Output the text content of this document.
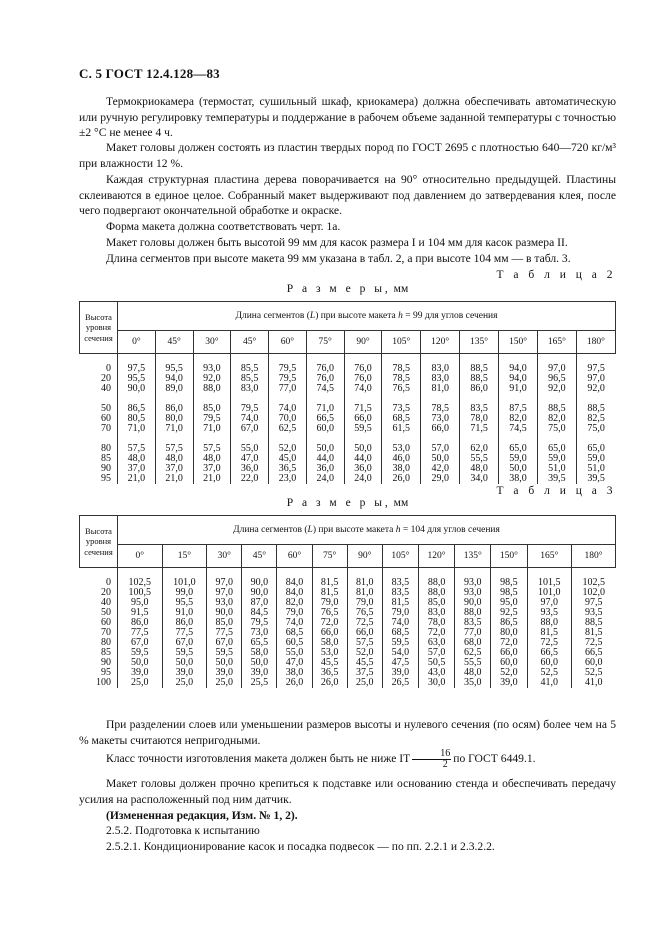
С. 5 ГОСТ 12.4.128—83
Термокриокамера (термостат, сушильный шкаф, криокамера) должна обеспечивать автоматическую или ручную регулировку температуры и поддержание в рабочем объеме заданной температуры с точностью ±2 °С не менее 4 ч.
Макет головы должен состоять из пластин твердых пород по ГОСТ 2695 с плотностью 640—720 кг/м³ при влажности 12 %.
Каждая структурная пластина дерева поворачивается на 90° относительно предыдущей. Пластины склеиваются в единое целое. Собранный макет выдерживают под давлением до затвердевания клея, после чего подвергают окончательной обработке и окраске.
Форма макета должна соответствовать черт. 1а.
Макет головы должен быть высотой 99 мм для касок размера I и 104 мм для касок размера II.
Длина сегментов при высоте макета 99 мм указана в табл. 2, а при высоте 104 мм — в табл. 3.
Т а б л и ц а 2
Р а з м е р ы, мм
Высота уровня сечения	Длина сегментов (L) при высоте макета h = 99 для углов сечения												
	0°	45°	30°	45°	60°	75°	90°	105°	120°	135°	150°	165°	180°

0	97,5	95,5	93,0	85,5	79,5	76,0	76,0	78,5	83,0	88,5	94,0	97,0	97,5
20	95,5	94,0	92,0	85,5	79,5	76,0	76,0	78,5	83,0	88,5	94,0	96,5	97,0
40	90,0	89,0	88,0	83,0	77,0	74,5	74,0	76,5	81,0	86,0	91,0	92,0	92,0

50	86,5	86,0	85,0	79,5	74,0	71,0	71,5	73,5	78,5	83,5	87,5	88,5	88,5
60	80,5	80,0	79,5	74,0	70,0	66,5	66,0	68,5	73,0	78,0	82,0	82,0	82,5
70	71,0	71,0	71,0	67,0	62,5	60,0	59,5	61,5	66,0	71,5	74,5	75,0	75,0

80	57,5	57,5	57,5	55,0	52,0	50,0	50,0	53,0	57,0	62,0	65,0	65,0	65,0
85	48,0	48,0	48,0	47,0	45,0	44,0	44,0	46,0	50,0	55,5	59,0	59,0	59,0
90	37,0	37,0	37,0	36,0	36,5	36,0	36,0	38,0	42,0	48,0	50,0	51,0	51,0
95	21,0	21,0	21,0	22,0	23,0	24,0	24,0	26,0	29,0	34,0	38,0	39,5	39,5
Т а б л и ц а 3
Р а з м е р ы, мм
Высота уровня сечения	Длина сегментов (L) при высоте макета h = 104 для углов сечения												
	0°	15°	30°	45°	60°	75°	90°	105°	120°	135°	150°	165°	180°

0	102,5	101,0	97,0	90,0	84,0	81,5	81,0	83,5	88,0	93,0	98,5	101,5	102,5
20	100,5	99,0	97,0	90,0	84,0	81,5	81,0	83,5	88,0	93,0	98,5	101,0	102,0
40	95,0	95,5	93,0	87,0	82,0	79,0	79,0	81,5	85,0	90,0	95,0	97,0	97,5
50	91,5	91,0	90,0	84,5	79,0	76,5	76,5	79,0	83,0	88,0	92,5	93,5	93,5
60	86,0	86,0	85,0	79,5	74,0	72,0	72,5	74,0	78,0	83,5	86,5	88,0	88,5
70	77,5	77,5	77,5	73,0	68,5	66,0	66,0	68,5	72,0	77,0	80,0	81,5	81,5
80	67,0	67,0	67,0	65,5	60,5	58,0	57,5	59,5	63,0	68,0	72,0	72,5	72,5
85	59,5	59,5	59,5	58,0	55,0	53,0	52,0	54,0	57,0	62,5	66,0	66,5	66,5
90	50,0	50,0	50,0	50,0	47,0	45,5	45,5	47,5	50,5	55,5	60,0	60,0	60,0
95	39,0	39,0	39,0	39,0	38,0	36,5	37,5	39,0	43,0	48,0	52,0	52,5	52,5
100	25,0	25,0	25,0	25,5	26,0	26,0	25,0	26,5	30,0	35,0	39,0	41,0	41,0
При разделении слоев или уменьшении размеров высоты и нулевого сечения (по осям) более чем на 5 % макеты считаются непригодными.
Класс точности изготовления макета должен быть не ниже IT $\frac{16}{2}$ по ГОСТ 6449.1.
Макет головы должен прочно крепиться к подставке или основанию стенда и обеспечивать передачу усилия на расположенный под ним датчик.
(Измененная редакция, Изм. № 1, 2).
2.5.2. Подготовка к испытанию
2.5.2.1. Кондиционирование касок и посадка подвесок — по пп. 2.2.1 и 2.3.2.2.
